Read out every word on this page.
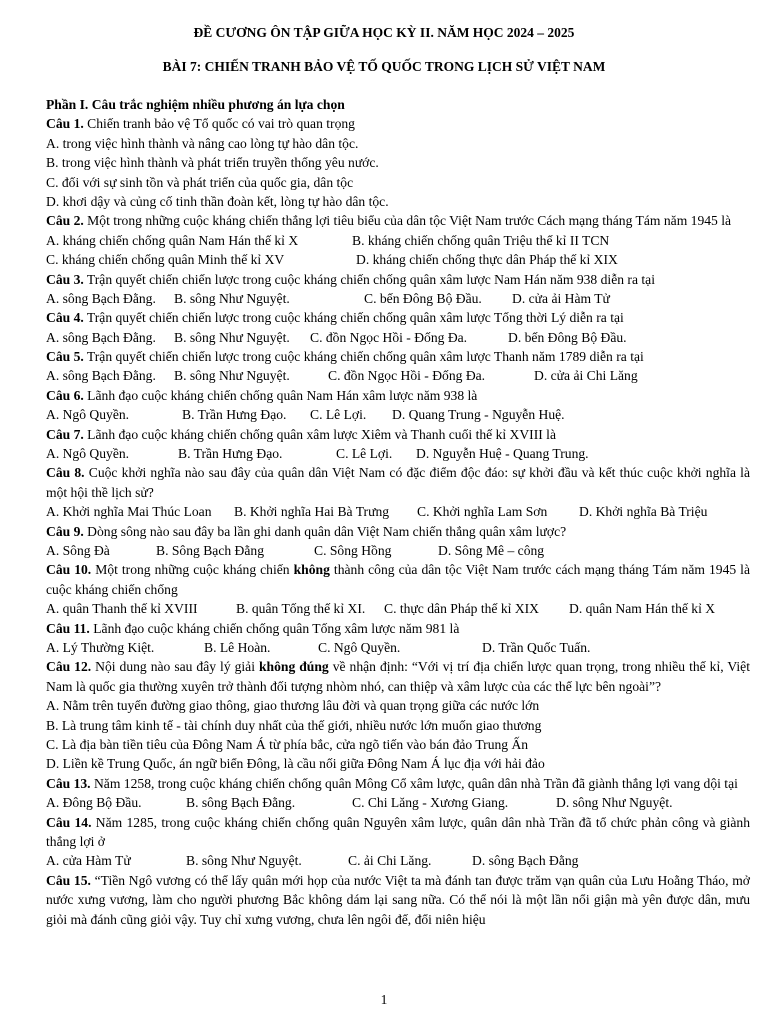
ĐỀ CƯƠNG ÔN TẬP GIỮA HỌC KỲ II. NĂM HỌC 2024 – 2025
BÀI 7: CHIẾN TRANH BẢO VỆ TỐ QUỐC TRONG LỊCH SỬ VIỆT NAM
Phần I. Câu trắc nghiệm nhiều phương án lựa chọn
Câu 1. Chiến tranh bảo vệ Tổ quốc có vai trò quan trọng
A. trong việc hình thành và nâng cao lòng tự hào dân tộc.
B. trong việc hình thành và phát triển truyền thống yêu nước.
C. đối với sự sinh tồn và phát triển của quốc gia, dân tộc
D. khơi dậy và củng cố tinh thần đoàn kết, lòng tự hào dân tộc.
Câu 2. Một trong những cuộc kháng chiến thắng lợi tiêu biểu của dân tộc Việt Nam trước Cách mạng tháng Tám năm 1945 là
A. kháng chiến chống quân Nam Hán thế kỉ X	B. kháng chiến chống quân Triệu thế kỉ II TCN
C. kháng chiến chống quân Minh thế kỉ XV	D. kháng chiến chống thực dân Pháp thế kỉ XIX
Câu 3. Trận quyết chiến chiến lược trong cuộc kháng chiến chống quân xâm lược Nam Hán năm 938 diễn ra tại
A. sông Bạch Đằng.	B. sông Như Nguyệt.	C. bến Đông Bộ Đầu.	D. cửa ải Hàm Tử
Câu 4. Trận quyết chiến chiến lược trong cuộc kháng chiến chống quân xâm lược Tống thời Lý diễn ra tại
A. sông Bạch Đằng.	B. sông Như Nguyệt.	C. đồn Ngọc Hồi - Đống Đa.	D. bến Đông Bộ Đầu.
Câu 5. Trận quyết chiến chiến lược trong cuộc kháng chiến chống quân xâm lược Thanh năm 1789 diễn ra tại
A. sông Bạch Đằng.	B. sông Như Nguyệt.	C. đồn Ngọc Hồi - Đống Đa.	D. cửa ải Chi Lăng
Câu 6. Lãnh đạo cuộc kháng chiến chống quân Nam Hán xâm lược năm 938 là
A. Ngô Quyền.	B. Trần Hưng Đạo.	C. Lê Lợi.	D. Quang Trung - Nguyễn Huệ.
Câu 7. Lãnh đạo cuộc kháng chiến chống quân xâm lược Xiêm và Thanh cuối thế kỉ XVIII là
A. Ngô Quyền.	B. Trần Hưng Đạo.	C. Lê Lợi.	D. Nguyễn Huệ - Quang Trung.
Câu 8. Cuộc khởi nghĩa nào sau đây của quân dân Việt Nam có đặc điểm độc đáo: sự khởi đầu và kết thúc cuộc khởi nghĩa là một hội thề lịch sử?
A. Khởi nghĩa Mai Thúc Loan	B. Khởi nghĩa Hai Bà Trưng	C. Khởi nghĩa Lam Sơn	D. Khởi nghĩa Bà Triệu
Câu 9. Dòng sông nào sau đây ba lần ghi danh quân dân Việt Nam chiến thắng quân xâm lược?
A. Sông Đà	B. Sông Bạch Đằng	C. Sông Hồng	D. Sông Mê – công
Câu 10. Một trong những cuộc kháng chiến không thành công của dân tộc Việt Nam trước cách mạng tháng Tám năm 1945 là cuộc kháng chiến chống
A. quân Thanh thế kỉ XVIII	B. quân Tống thế kỉ XI.	C. thực dân Pháp thế kỉ XIX	D. quân Nam Hán thế kỉ X
Câu 11. Lãnh đạo cuộc kháng chiến chống quân Tống xâm lược năm 981 là
A. Lý Thường Kiệt.	B. Lê Hoàn.	C. Ngô Quyền.	D. Trần Quốc Tuấn.
Câu 12. Nội dung nào sau đây lý giải không đúng về nhận định: “Với vị trí địa chiến lược quan trọng, trong nhiều thế kỉ, Việt Nam là quốc gia thường xuyên trở thành đối tượng nhòm nhó, can thiệp và xâm lược của các thế lực bên ngoài”?
A. Nằm trên tuyến đường giao thông, giao thương lâu đời và quan trọng giữa các nước lớn
B. Là trung tâm kinh tế - tài chính duy nhất của thế giới, nhiều nước lớn muốn giao thương
C. Là địa bàn tiền tiêu của Đông Nam Á từ phía bắc, cửa ngõ tiến vào bán đảo Trung Ấn
D. Liền kề Trung Quốc, án ngữ biển Đông, là cầu nối giữa Đông Nam Á lục địa với hải đảo
Câu 13. Năm 1258, trong cuộc kháng chiến chống quân Mông Cổ xâm lược, quân dân nhà Trần đã giành thắng lợi vang dội tại
A. Đông Bộ Đầu.	B. sông Bạch Đằng.	C. Chi Lăng - Xương Giang.	D. sông Như Nguyệt.
Câu 14. Năm 1285, trong cuộc kháng chiến chống quân Nguyên xâm lược, quân dân nhà Trần đã tổ chức phản công và giành thắng lợi ở
A. cửa Hàm Tử	B. sông Như Nguyệt.	C. ải Chi Lăng.	D. sông Bạch Đằng
Câu 15. “Tiền Ngô vương có thể lấy quân mới họp của nước Việt ta mà đánh tan được trăm vạn quân của Lưu Hoằng Tháo, mở nước xưng vương, làm cho người phương Bắc không dám lại sang nữa. Có thể nói là một lần nổi giận mà yên được dân, mưu giỏi mà đánh cũng giỏi vậy. Tuy chỉ xưng vương, chưa lên ngôi đế, đổi niên hiệu
1
